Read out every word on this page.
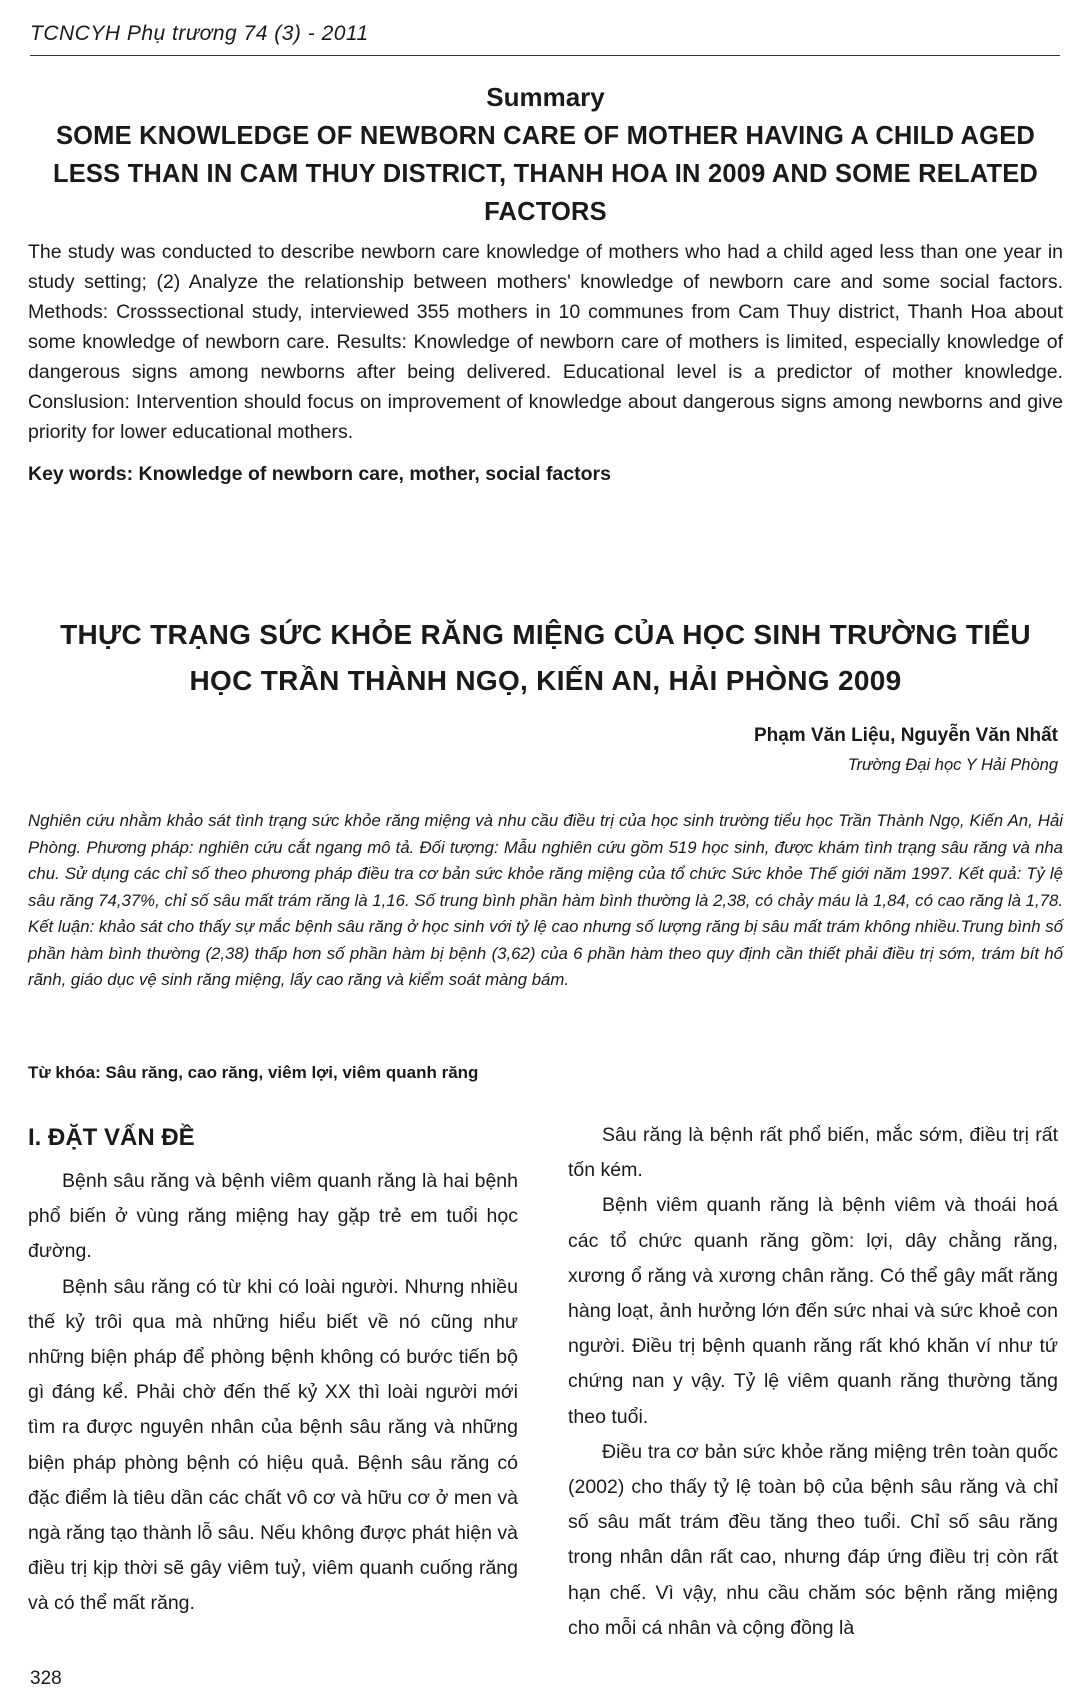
TCNCYH Phụ trương 74 (3) - 2011
Summary
SOME KNOWLEDGE OF NEWBORN CARE OF MOTHER HAVING A CHILD AGED LESS THAN IN CAM THUY DISTRICT, THANH HOA IN 2009 AND SOME RELATED FACTORS

The study was conducted to describe newborn care knowledge of mothers who had a child aged less than one year in study setting; (2) Analyze the relationship between mothers' knowledge of newborn care and some social factors. Methods: Crosssectional study, interviewed 355 mothers in 10 communes from Cam Thuy district, Thanh Hoa about some knowledge of newborn care. Results: Knowledge of newborn care of mothers is limited, especially knowledge of dangerous signs among newborns after being delivered. Educational level is a predictor of mother knowledge. Conslusion: Intervention should focus on improvement of knowledge about dangerous signs among newborns and give priority for lower educational mothers.

Key words: Knowledge of newborn care, mother, social factors
THỰC TRẠNG SỨC KHỎE RĂNG MIỆNG CỦA HỌC SINH TRƯỜNG TIỂU HỌC TRẦN THÀNH NGỌ, KIẾN AN, HẢI PHÒNG 2009
Phạm Văn Liệu, Nguyễn Văn Nhất
Trường Đại học Y Hải Phòng

Nghiên cứu nhằm khảo sát tình trạng sức khỏe răng miệng và nhu cầu điều trị của học sinh trường tiểu học Trần Thành Ngọ, Kiến An, Hải Phòng. Phương pháp: nghiên cứu cắt ngang mô tả. Đối tượng: Mẫu nghiên cứu gồm 519 học sinh, được khám tình trạng sâu răng và nha chu. Sử dụng các chỉ số theo phương pháp điều tra cơ bản sức khỏe răng miệng của tổ chức Sức khỏe Thế giới năm 1997. Kết quả: Tỷ lệ sâu răng 74,37%, chỉ số sâu mất trám răng là 1,16. Số trung bình phần hàm bình thường là 2,38, có chảy máu là 1,84, có cao răng là 1,78. Kết luận: khảo sát cho thấy sự mắc bệnh sâu răng ở học sinh với tỷ lệ cao nhưng số lượng răng bị sâu mất trám không nhiều.Trung bình số phần hàm bình thường (2,38) thấp hơn số phần hàm bị bệnh (3,62) của 6 phần hàm theo quy định cần thiết phải điều trị sớm, trám bít hố rãnh, giáo dục vệ sinh răng miệng, lấy cao răng và kiểm soát màng bám.

Từ khóa: Sâu răng, cao răng, viêm lợi, viêm quanh răng
I. ĐẶT VẤN ĐỀ

Bệnh sâu răng và bệnh viêm quanh răng là hai bệnh phổ biến ở vùng răng miệng hay gặp trẻ em tuổi học đường.

Bệnh sâu răng có từ khi có loài người. Nhưng nhiều thế kỷ trôi qua mà những hiểu biết về nó cũng như những biện pháp để phòng bệnh không có bước tiến bộ gì đáng kể. Phải chờ đến thế kỷ XX thì loài người mới tìm ra được nguyên nhân của bệnh sâu răng và những biện pháp phòng bệnh có hiệu quả. Bệnh sâu răng có đặc điểm là tiêu dần các chất vô cơ và hữu cơ ở men và ngà răng tạo thành lỗ sâu. Nếu không được phát hiện và điều trị kịp thời sẽ gây viêm tuỷ, viêm quanh cuống răng và có thể mất răng.

Sâu răng là bệnh rất phổ biến, mắc sớm, điều trị rất tốn kém.

Bệnh viêm quanh răng là bệnh viêm và thoái hoá các tổ chức quanh răng gồm: lợi, dây chằng răng, xương ổ răng và xương chân răng. Có thể gây mất răng hàng loạt, ảnh hưởng lớn đến sức nhai và sức khoẻ con người. Điều trị bệnh quanh răng rất khó khăn ví như tứ chứng nan y vậy. Tỷ lệ viêm quanh răng thường tăng theo tuổi.

Điều tra cơ bản sức khỏe răng miệng trên toàn quốc (2002) cho thấy tỷ lệ toàn bộ của bệnh sâu răng và chỉ số sâu mất trám đều tăng theo tuổi. Chỉ số sâu răng trong nhân dân rất cao, nhưng đáp ứng điều trị còn rất hạn chế. Vì vậy, nhu cầu chăm sóc bệnh răng miệng cho mỗi cá nhân và cộng đồng là

328
